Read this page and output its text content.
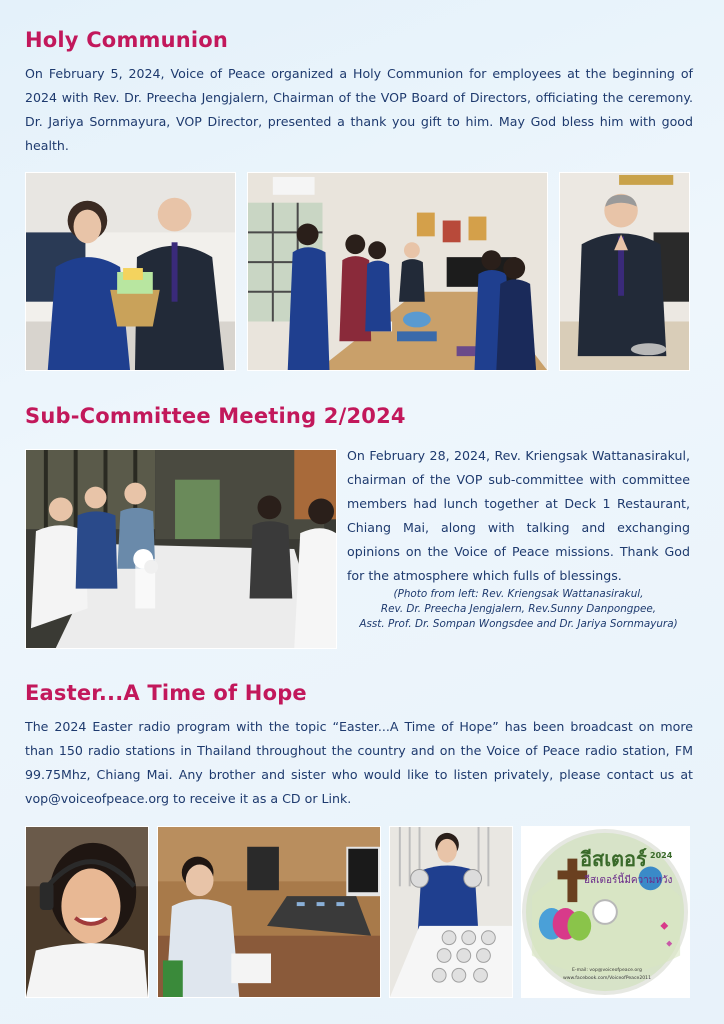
Holy Communion

On February 5, 2024, Voice of Peace organized a Holy Communion for employees at the beginning of 2024 with Rev. Dr. Preecha Jengjalern, Chairman of the VOP Board of Directors, officiating the ceremony. Dr. Jariya Sornmayura, VOP Director, presented a thank you gift to him. May God bless him with good health.

Sub-Committee Meeting 2/2024

On February 28, 2024, Rev. Kriengsak Wattanasirakul, chairman of the VOP sub-committee with committee members had lunch together at Deck 1 Restaurant, Chiang Mai, along with talking and exchanging opinions on the Voice of Peace missions. Thank God for the atmosphere which fulls of blessings.

(Photo from left: Rev. Kriengsak Wattanasirakul,
Rev. Dr. Preecha Jengjalern, Rev.Sunny Danpongpee,
Asst. Prof. Dr. Sompan Wongsdee and Dr. Jariya Sornmayura)
Easter...A Time of Hope

The 2024 Easter radio program with the topic “Easter...A Time of Hope” has been broadcast on more than 150 radio stations in Thailand throughout the country and on the Voice of Peace radio station, FM 99.75Mhz, Chiang Mai. Any brother and sister who would like to listen privately, please contact us at vop@voiceofpeace.org to receive it as a CD or Link.

อีสเตอร์ 2024
อีสเตอร์นี้มีความหวัง
E-mail: vop@voiceofpeace.org
www.facebook.com/VoiceofPeace2011
